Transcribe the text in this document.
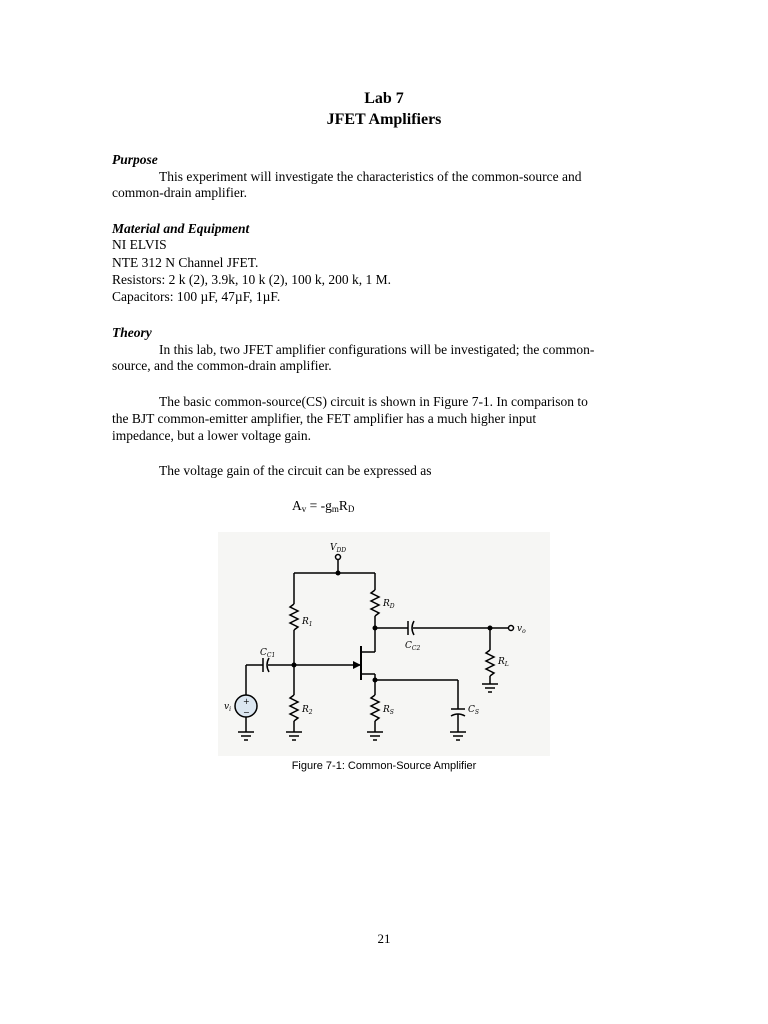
Lab 7
JFET Amplifiers
Purpose
This experiment will investigate the characteristics of the common-source and
common-drain amplifier.
Material and Equipment
NI ELVIS
NTE 312 N Channel JFET.
Resistors: 2 k (2), 3.9k, 10 k (2), 100 k, 200 k, 1 M.
Capacitors: 100 µF, 47µF, 1µF.
Theory
In this lab, two JFET amplifier configurations will be investigated; the common-
source, and the common-drain amplifier.
The basic common-source(CS) circuit is shown in Figure 7-1. In comparison to
the BJT common-emitter amplifier, the FET amplifier has a much higher input
impedance, but a lower voltage gain.
The voltage gain of the circuit can be expressed as
$A_v = -g_mR_D$
$V_{DD}$
$R_D$
$R_1$
$C_{C2}$
$v_o$
$R_L$
$C_{C1}$
$v_i$	$R_2$	$R_S$	$C_S$
+
−
Figure 7-1: Common-Source Amplifier
21
